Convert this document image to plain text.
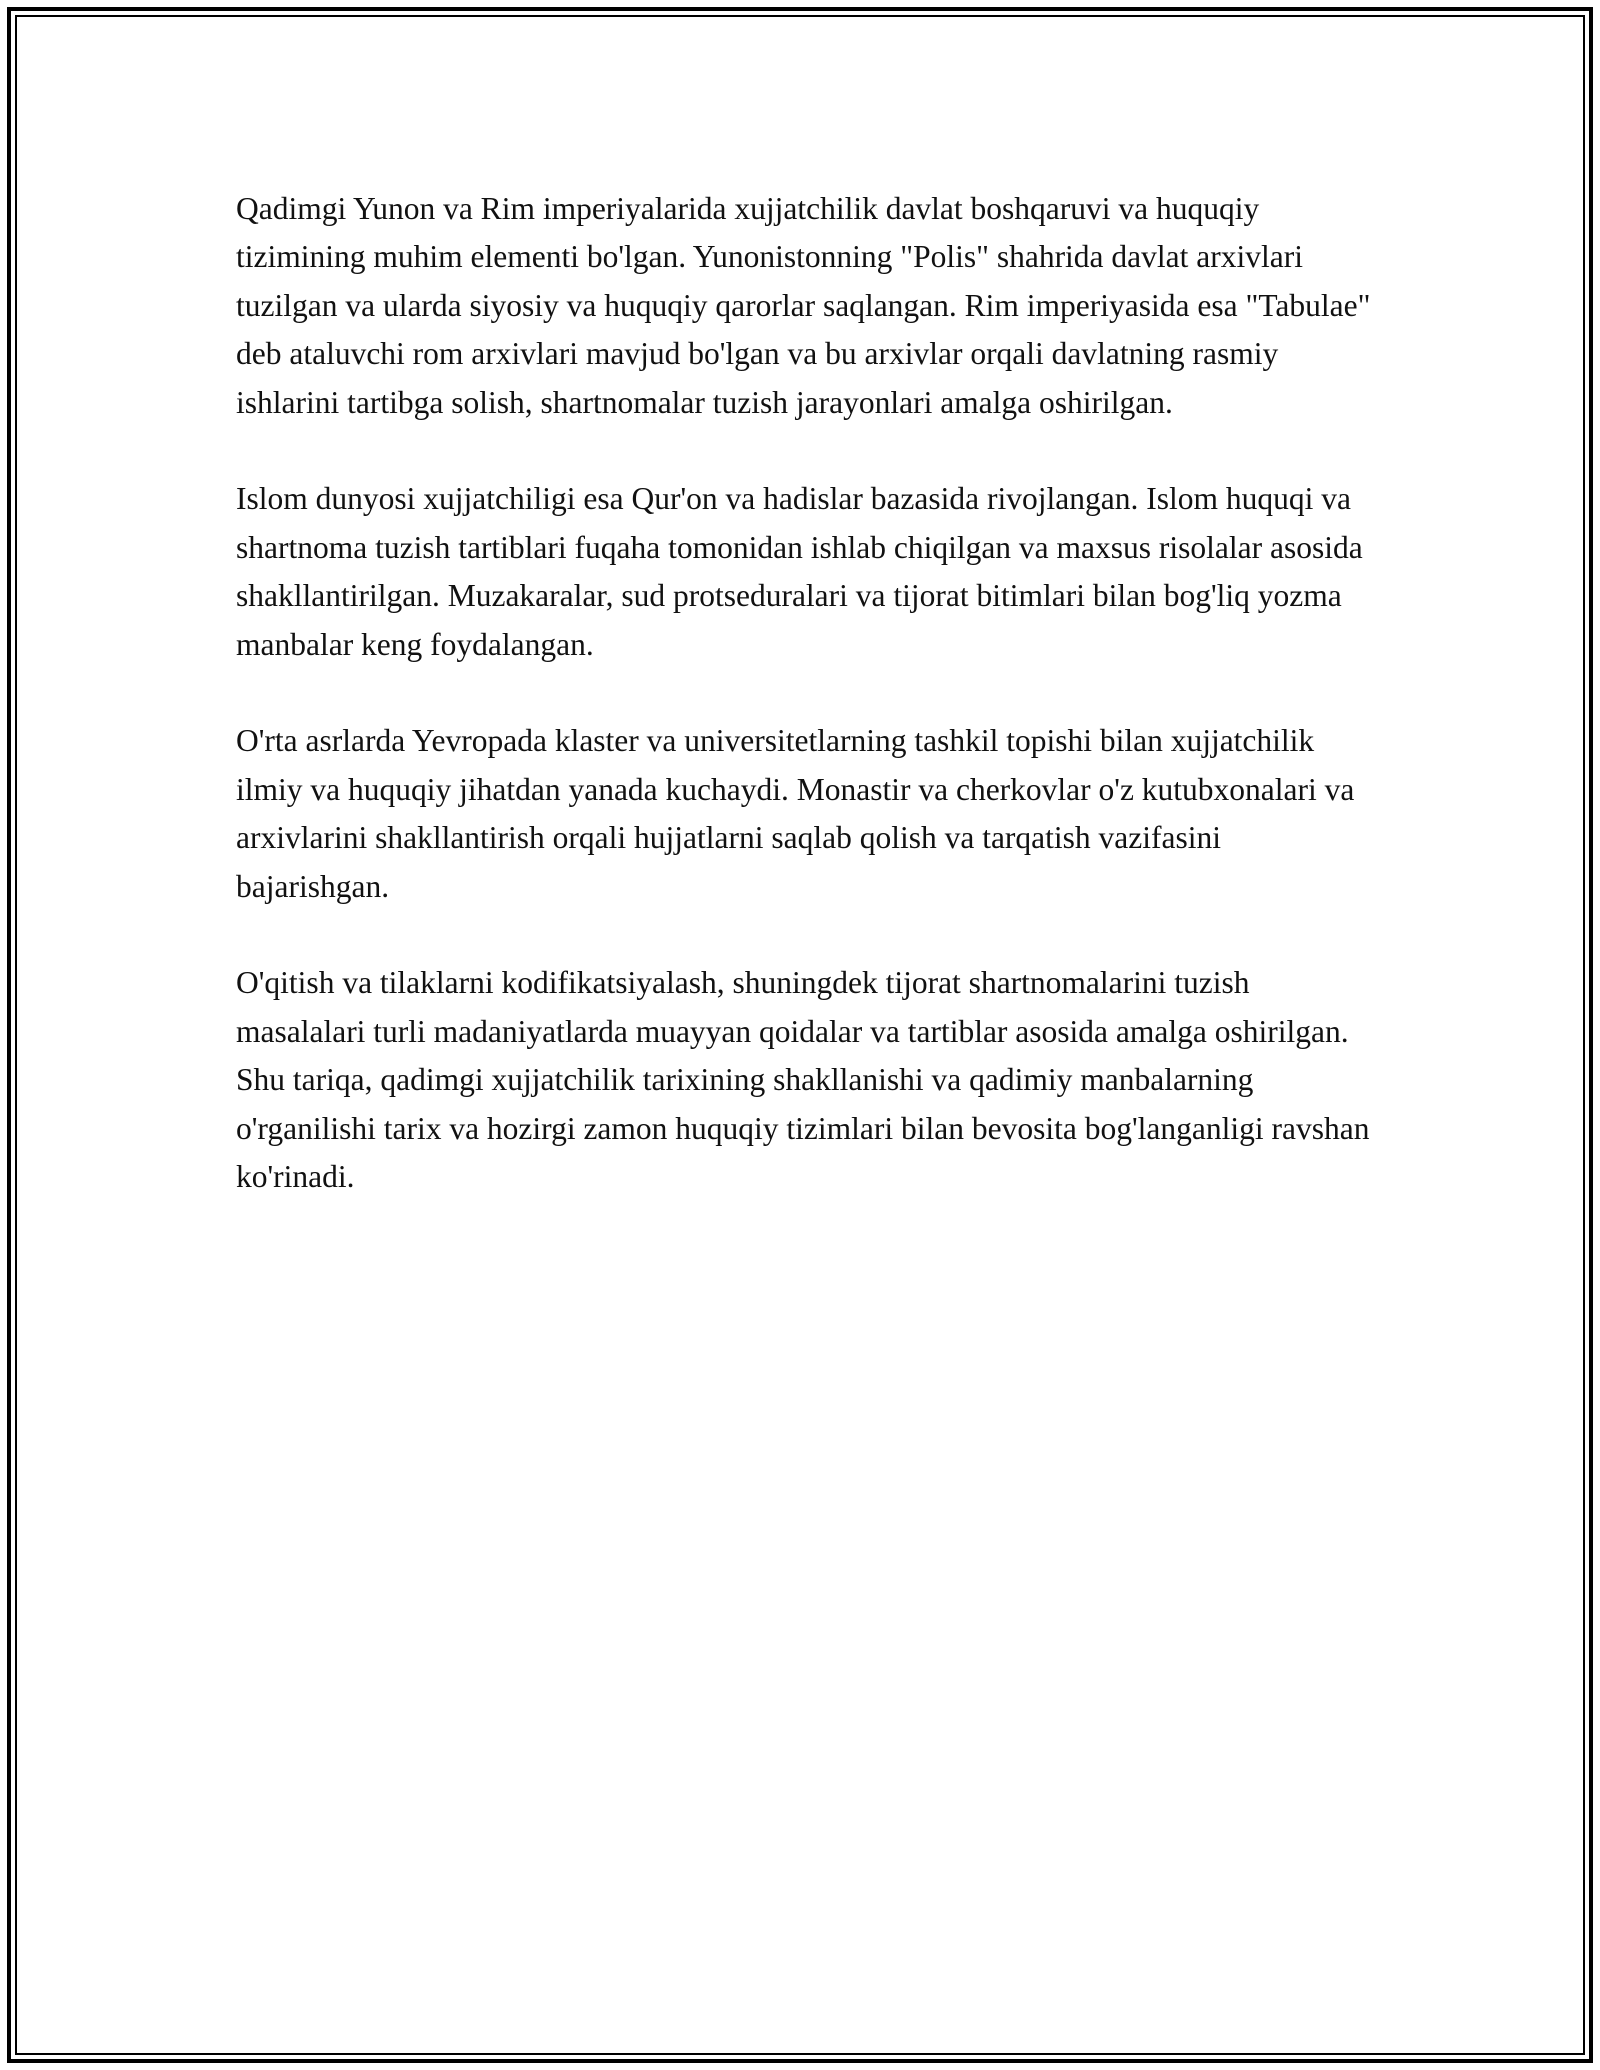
Qadimgi Yunon va Rim imperiyalarida xujjatchilik davlat boshqaruvi va huquqiy tizimining muhim elementi bo'lgan. Yunonistonning "Polis" shahrida davlat arxivlari tuzilgan va ularda siyosiy va huquqiy qarorlar saqlangan. Rim imperiyasida esa "Tabulae" deb ataluvchi rom arxivlari mavjud bo'lgan va bu arxivlar orqali davlatning rasmiy ishlarini tartibga solish, shartnomalar tuzish jarayonlari amalga oshirilgan.

Islom dunyosi xujjatchiligi esa Qur'on va hadislar bazasida rivojlangan. Islom huquqi va shartnoma tuzish tartiblari fuqaha tomonidan ishlab chiqilgan va maxsus risolalar asosida shakllantirilgan. Muzakaralar, sud protseduralari va tijorat bitimlari bilan bog'liq yozma manbalar keng foydalangan.

O'rta asrlarda Yevropada klaster va universitetlarning tashkil topishi bilan xujjatchilik ilmiy va huquqiy jihatdan yanada kuchaydi. Monastir va cherkovlar o'z kutubxonalari va arxivlarini shakllantirish orqali hujjatlarni saqlab qolish va tarqatish vazifasini bajarishgan.

O'qitish va tilaklarni kodifikatsiyalash, shuningdek tijorat shartnomalarini tuzish masalalari turli madaniyatlarda muayyan qoidalar va tartiblar asosida amalga oshirilgan. Shu tariqa, qadimgi xujjatchilik tarixining shakllanishi va qadimiy manbalarning o'rganilishi tarix va hozirgi zamon huquqiy tizimlari bilan bevosita bog'langanligi ravshan ko'rinadi.
